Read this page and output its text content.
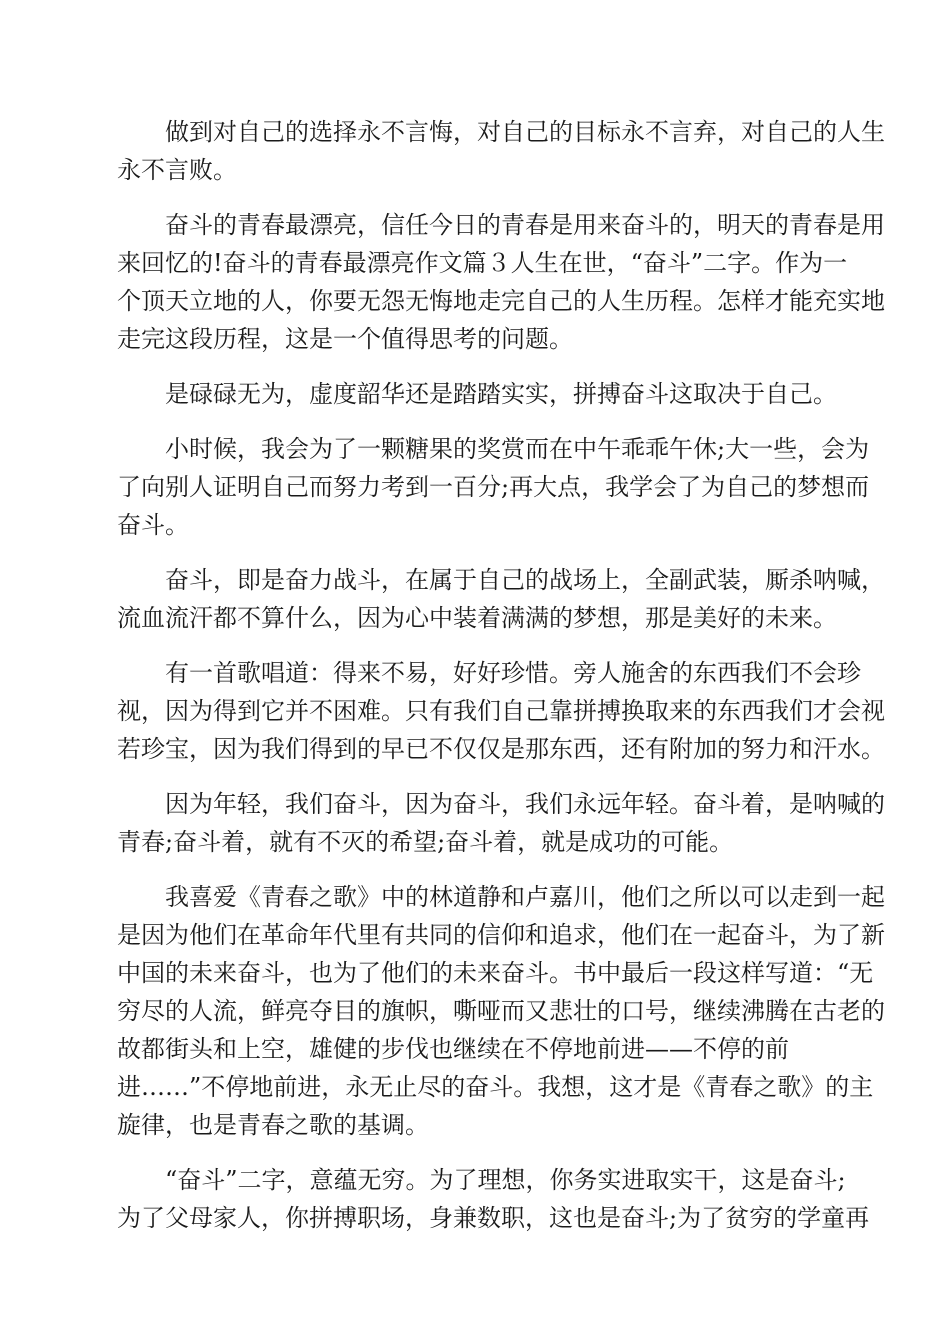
做到对自己的选择永不言悔，对自己的目标永不言弃，对自己的人生
永不言败。
奋斗的青春最漂亮，信任今日的青春是用来奋斗的，明天的青春是用
来回忆的!奋斗的青春最漂亮作文篇３人生在世，“奋斗”二字。作为一
个顶天立地的人，你要无怨无悔地走完自己的人生历程。怎样才能充实地
走完这段历程，这是一个值得思考的问题。
是碌碌无为，虚度韶华还是踏踏实实，拼搏奋斗这取决于自己。
小时候，我会为了一颗糖果的奖赏而在中午乖乖午休;大一些，会为
了向别人证明自己而努力考到一百分;再大点，我学会了为自己的梦想而
奋斗。
奋斗，即是奋力战斗，在属于自己的战场上，全副武装，厮杀呐喊，
流血流汗都不算什么，因为心中装着满满的梦想，那是美好的未来。
有一首歌唱道：得来不易，好好珍惜。旁人施舍的东西我们不会珍
视，因为得到它并不困难。只有我们自己靠拼搏换取来的东西我们才会视
若珍宝，因为我们得到的早已不仅仅是那东西，还有附加的努力和汗水。
因为年轻，我们奋斗，因为奋斗，我们永远年轻。奋斗着，是呐喊的
青春;奋斗着，就有不灭的希望;奋斗着，就是成功的可能。
我喜爱《青春之歌》中的林道静和卢嘉川，他们之所以可以走到一起
是因为他们在革命年代里有共同的信仰和追求，他们在一起奋斗，为了新
中国的未来奋斗，也为了他们的未来奋斗。书中最后一段这样写道：“无
穷尽的人流，鲜亮夺目的旗帜，嘶哑而又悲壮的口号，继续沸腾在古老的
故都街头和上空，雄健的步伐也继续在不停地前进——不停的前
进……”不停地前进，永无止尽的奋斗。我想，这才是《青春之歌》的主
旋律，也是青春之歌的基调。
“奋斗”二字，意蕴无穷。为了理想，你务实进取实干，这是奋斗;
为了父母家人，你拼搏职场，身兼数职，这也是奋斗;为了贫穷的学童再
